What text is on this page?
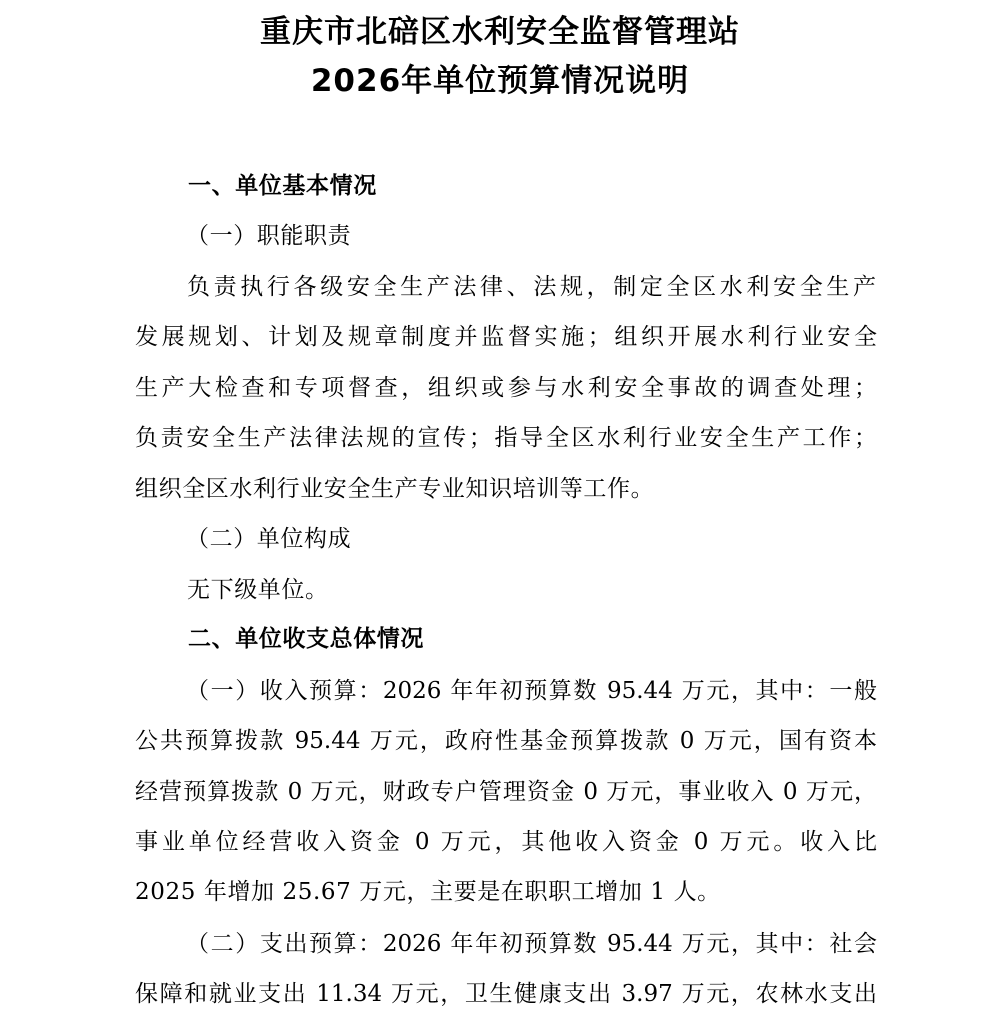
重庆市北碚区水利安全监督管理站
2026年单位预算情况说明
一、单位基本情况
（一）职能职责
负责执行各级安全生产法律、法规，制定全区水利安全生产
发展规划、计划及规章制度并监督实施；组织开展水利行业安全
生产大检查和专项督查，组织或参与水利安全事故的调查处理；
负责安全生产法律法规的宣传；指导全区水利行业安全生产工作；
组织全区水利行业安全生产专业知识培训等工作。
（二）单位构成
无下级单位。
二、单位收支总体情况
（一）收入预算：2026 年年初预算数 95.44 万元，其中：一般
公共预算拨款 95.44 万元，政府性基金预算拨款 0 万元，国有资本
经营预算拨款 0 万元，财政专户管理资金 0 万元，事业收入 0 万元，
事业单位经营收入资金 0 万元，其他收入资金 0 万元。收入比
2025 年增加 25.67 万元，主要是在职职工增加 1 人。
（二）支出预算：2026 年年初预算数 95.44 万元，其中：社会
保障和就业支出 11.34 万元，卫生健康支出 3.97 万元，农林水支出
